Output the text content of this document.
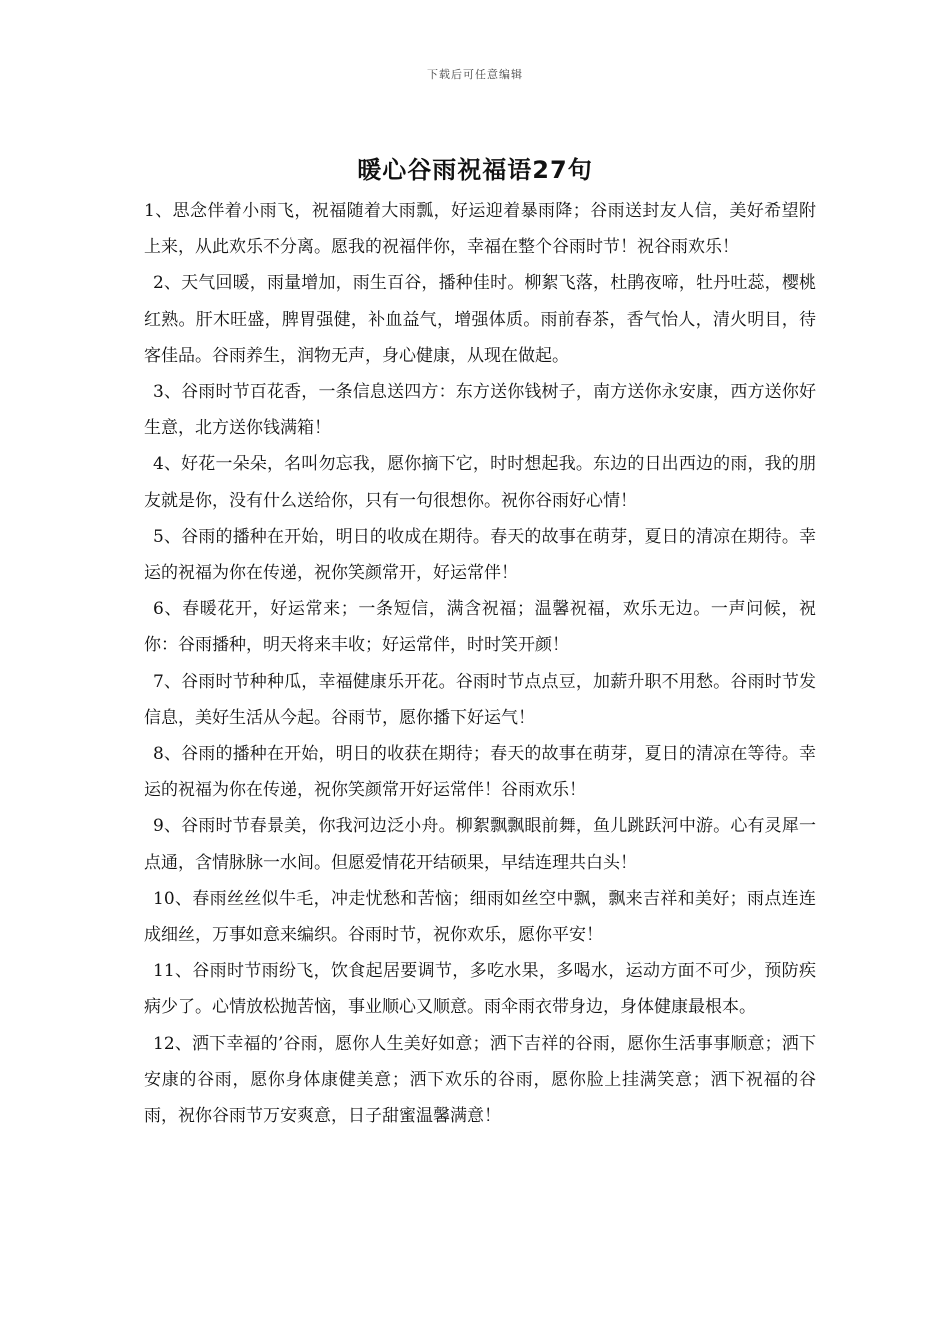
下载后可任意编辑
暖心谷雨祝福语27句

1、思念伴着小雨飞，祝福随着大雨瓢，好运迎着暴雨降；谷雨送封友人信，美好希望附上来，从此欢乐不分离。愿我的祝福伴你，幸福在整个谷雨时节！祝谷雨欢乐！

2、天气回暖，雨量增加，雨生百谷，播种佳时。柳絮飞落，杜鹃夜啼，牡丹吐蕊，樱桃红熟。肝木旺盛，脾胃强健，补血益气，增强体质。雨前春茶，香气怡人，清火明目，待客佳品。谷雨养生，润物无声，身心健康，从现在做起。

3、谷雨时节百花香，一条信息送四方：东方送你钱树子，南方送你永安康，西方送你好生意，北方送你钱满箱！

4、好花一朵朵，名叫勿忘我，愿你摘下它，时时想起我。东边的日出西边的雨，我的朋友就是你，没有什么送给你，只有一句很想你。祝你谷雨好心情！

5、谷雨的播种在开始，明日的收成在期待。春天的故事在萌芽，夏日的清凉在期待。幸运的祝福为你在传递，祝你笑颜常开，好运常伴！

6、春暖花开，好运常来；一条短信，满含祝福；温馨祝福，欢乐无边。一声问候，祝你：谷雨播种，明天将来丰收；好运常伴，时时笑开颜！

7、谷雨时节种种瓜，幸福健康乐开花。谷雨时节点点豆，加薪升职不用愁。谷雨时节发信息，美好生活从今起。谷雨节，愿你播下好运气！

8、谷雨的播种在开始，明日的收获在期待；春天的故事在萌芽，夏日的清凉在等待。幸运的祝福为你在传递，祝你笑颜常开好运常伴！谷雨欢乐！

9、谷雨时节春景美，你我河边泛小舟。柳絮飘飘眼前舞，鱼儿跳跃河中游。心有灵犀一点通，含情脉脉一水间。但愿爱情花开结硕果，早结连理共白头！

10、春雨丝丝似牛毛，冲走忧愁和苦恼；细雨如丝空中飘，飘来吉祥和美好；雨点连连成细丝，万事如意来编织。谷雨时节，祝你欢乐，愿你平安！

11、谷雨时节雨纷飞，饮食起居要调节，多吃水果，多喝水，运动方面不可少，预防疾病少了。心情放松抛苦恼，事业顺心又顺意。雨伞雨衣带身边，身体健康最根本。

12、洒下幸福的’谷雨，愿你人生美好如意；洒下吉祥的谷雨，愿你生活事事顺意；洒下安康的谷雨，愿你身体康健美意；洒下欢乐的谷雨，愿你脸上挂满笑意；洒下祝福的谷雨，祝你谷雨节万安爽意，日子甜蜜温馨满意！
